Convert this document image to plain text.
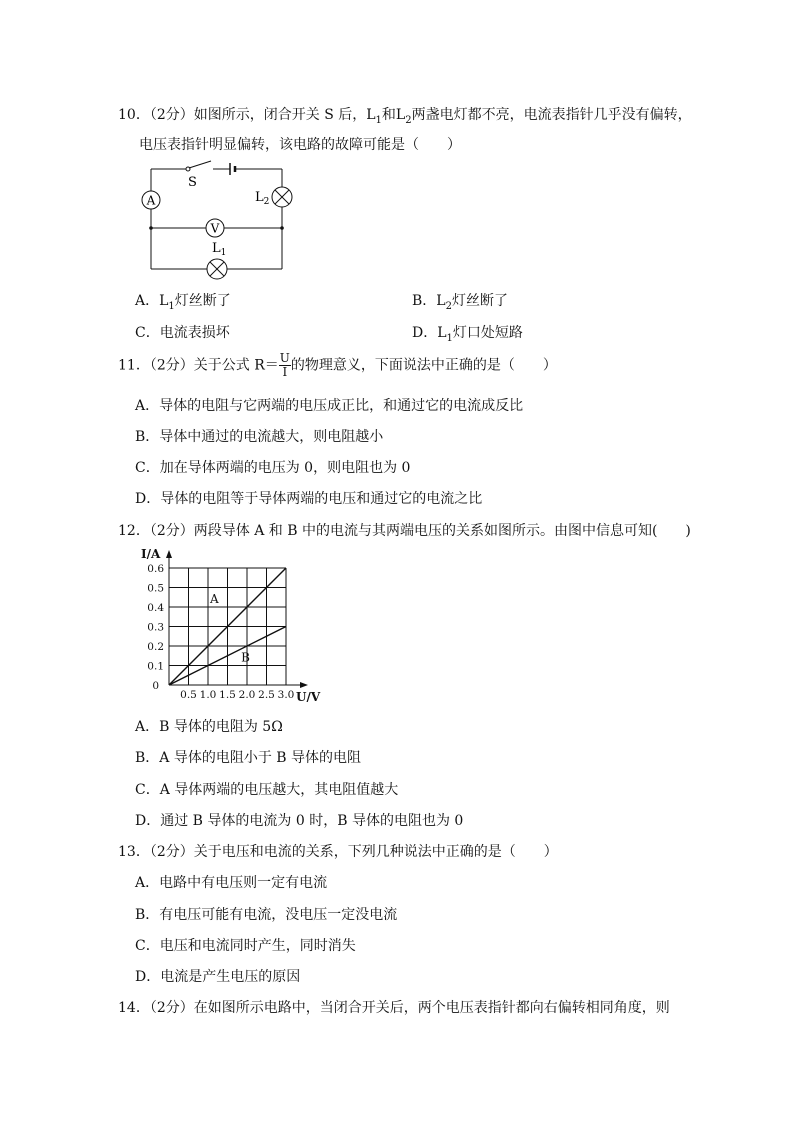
10．（2分）如图所示，闭合开关 S 后，$L_1$和$L_2$两盏电灯都不亮，电流表指针几乎没有偏转，
电压表指针明显偏转，该电路的故障可能是（　　）
S
A
V
$L_2$
$L_1$
A．$L_1$灯丝断了	B．$L_2$灯丝断了
C．电流表损坏	D．$L_1$灯口处短路
11．（2分）关于公式 $R= \frac{U}{I}$ 的物理意义，下面说法中正确的是（　　）
A．导体的电阻与它两端的电压成正比，和通过它的电流成反比
B．导体中通过的电流越大，则电阻越小
C．加在导体两端的电压为 0，则电阻也为 0
D．导体的电阻等于导体两端的电压和通过它的电流之比
12．（2分）两段导体 A 和 B 中的电流与其两端电压的关系如图所示。由图中信息可知(　　)
A
B
0.5 1.0 1.5 2.0 2.5 3.0
0.6
0.5
0.4
0.3
0.2
0.1
0
I/A
U/V
A．B 导体的电阻为 5Ω
B．A 导体的电阻小于 B 导体的电阻
C．A 导体两端的电压越大，其电阻值越大
D．通过 B 导体的电流为 0 时，B 导体的电阻也为 0
13．（2分）关于电压和电流的关系，下列几种说法中正确的是（　　）
A．电路中有电压则一定有电流
B．有电压可能有电流，没电压一定没电流
C．电压和电流同时产生，同时消失
D．电流是产生电压的原因
14．（2分）在如图所示电路中，当闭合开关后，两个电压表指针都向右偏转相同角度，则
